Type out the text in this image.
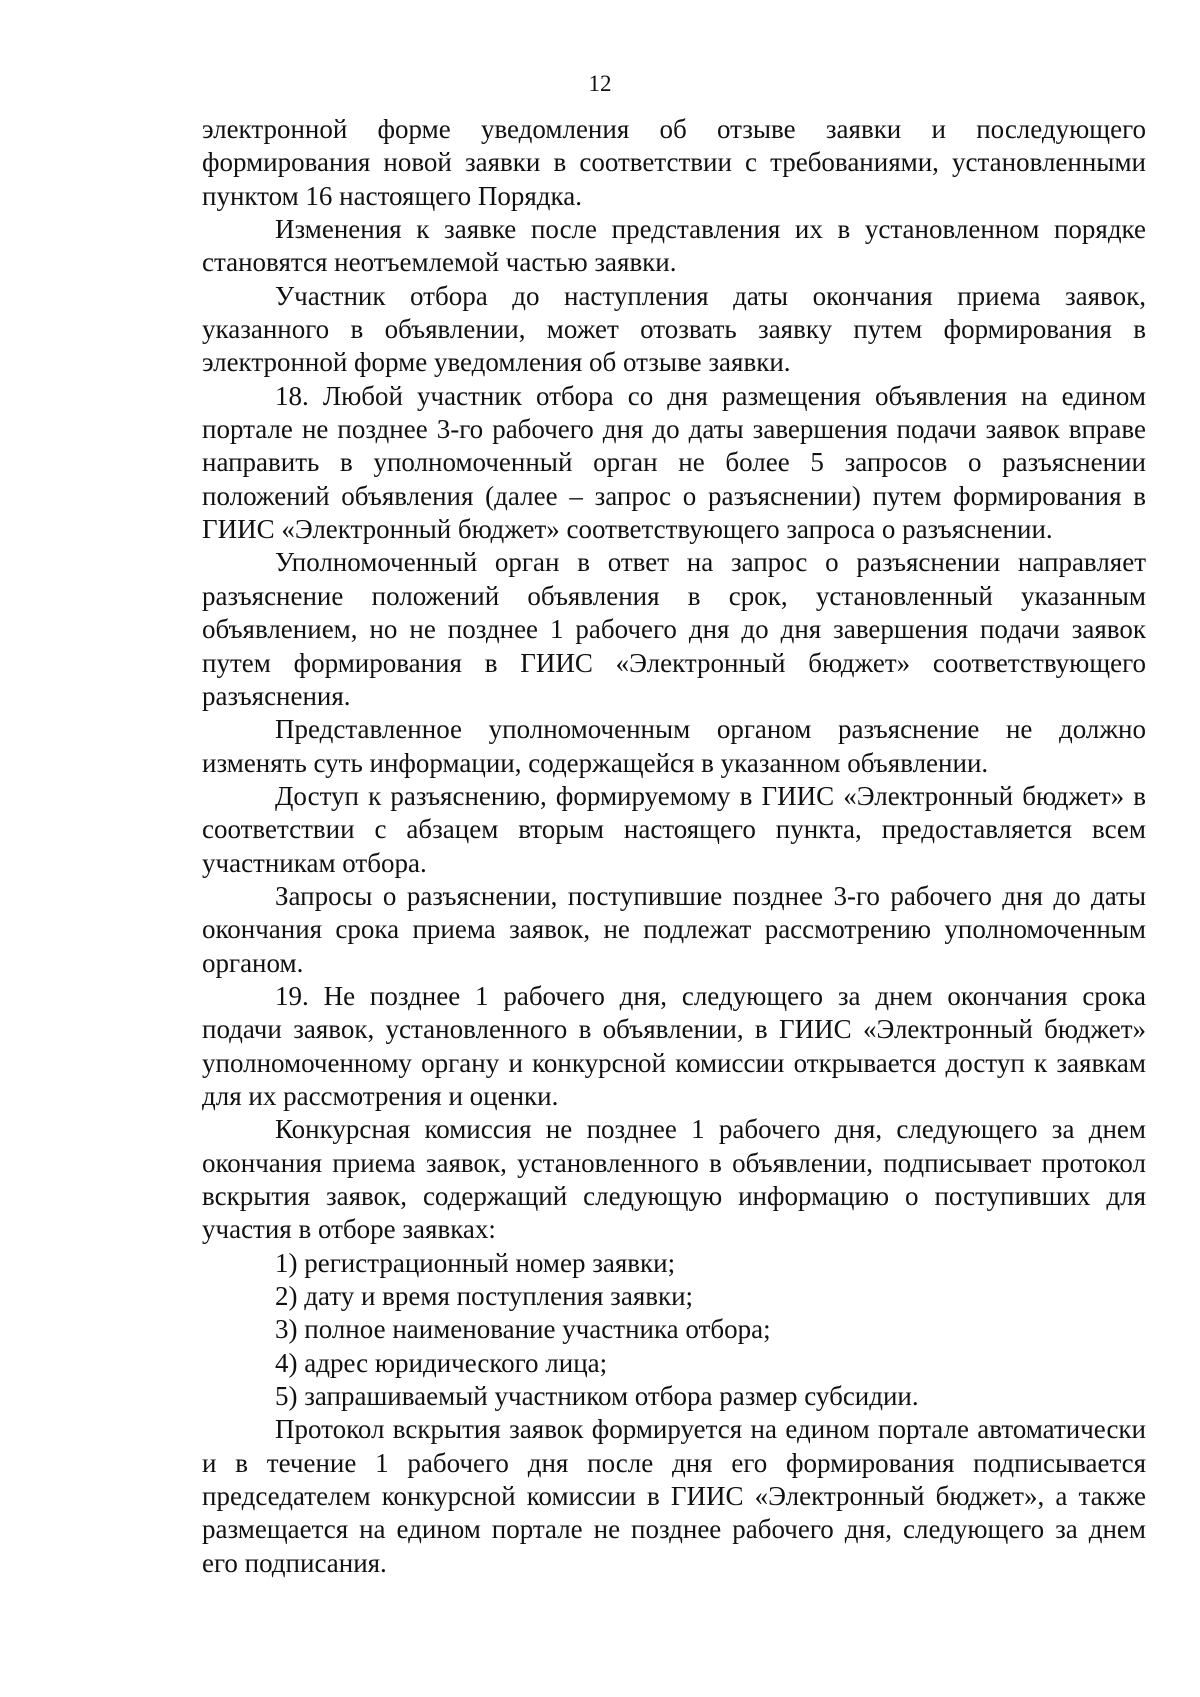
12

электронной форме уведомления об отзыве заявки и последующего формирования новой заявки в соответствии с требованиями, установленными пунктом 16 настоящего Порядка.

Изменения к заявке после представления их в установленном порядке становятся неотъемлемой частью заявки.

Участник отбора до наступления даты окончания приема заявок, указанного в объявлении, может отозвать заявку путем формирования в электронной форме уведомления об отзыве заявки.

18. Любой участник отбора со дня размещения объявления на едином портале не позднее 3-го рабочего дня до даты завершения подачи заявок вправе направить в уполномоченный орган не более 5 запросов о разъяснении положений объявления (далее – запрос о разъяснении) путем формирования в ГИИС «Электронный бюджет» соответствующего запроса о разъяснении.

Уполномоченный орган в ответ на запрос о разъяснении направляет разъяснение положений объявления в срок, установленный указанным объявлением, но не позднее 1 рабочего дня до дня завершения подачи заявок путем формирования в ГИИС «Электронный бюджет» соответствующего разъяснения.

Представленное уполномоченным органом разъяснение не должно изменять суть информации, содержащейся в указанном объявлении.

Доступ к разъяснению, формируемому в ГИИС «Электронный бюджет» в соответствии с абзацем вторым настоящего пункта, предоставляется всем участникам отбора.

Запросы о разъяснении, поступившие позднее 3-го рабочего дня до даты окончания срока приема заявок, не подлежат рассмотрению уполномоченным органом.

19. Не позднее 1 рабочего дня, следующего за днем окончания срока подачи заявок, установленного в объявлении, в ГИИС «Электронный бюджет» уполномоченному органу и конкурсной комиссии открывается доступ к заявкам для их рассмотрения и оценки.

Конкурсная комиссия не позднее 1 рабочего дня, следующего за днем окончания приема заявок, установленного в объявлении, подписывает протокол вскрытия заявок, содержащий следующую информацию о поступивших для участия в отборе заявках:

1) регистрационный номер заявки;

2) дату и время поступления заявки;

3) полное наименование участника отбора;

4) адрес юридического лица;

5) запрашиваемый участником отбора размер субсидии.

Протокол вскрытия заявок формируется на едином портале автоматически и в течение 1 рабочего дня после дня его формирования подписывается председателем конкурсной комиссии в ГИИС «Электронный бюджет», а также размещается на едином портале не позднее рабочего дня, следующего за днем его подписания.
